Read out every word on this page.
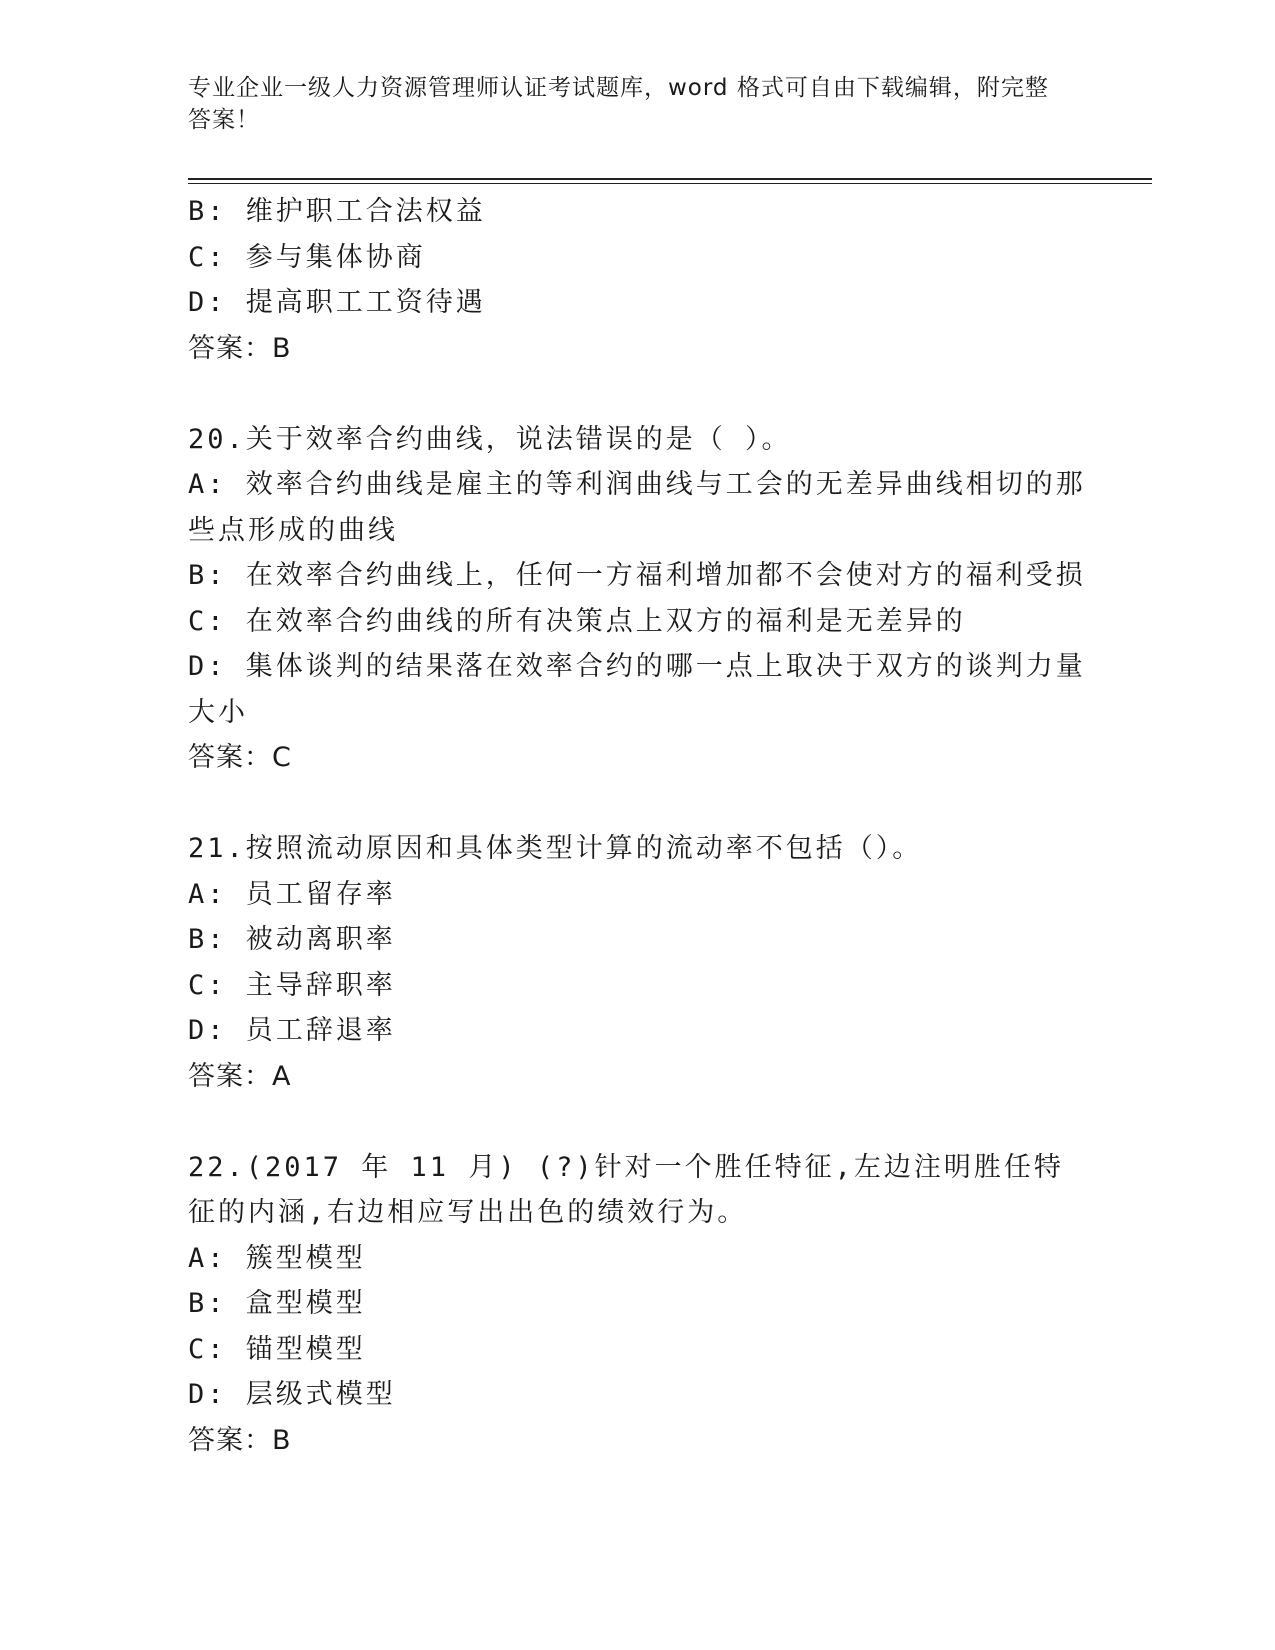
专业企业一级人力资源管理师认证考试题库，word 格式可自由下载编辑，附完整答案！
B: 维护职工合法权益
C: 参与集体协商
D: 提高职工工资待遇
答案：B
20.关于效率合约曲线，说法错误的是（ ）。
A: 效率合约曲线是雇主的等利润曲线与工会的无差异曲线相切的那些点形成的曲线
B: 在效率合约曲线上，任何一方福利增加都不会使对方的福利受损
C: 在效率合约曲线的所有决策点上双方的福利是无差异的
D: 集体谈判的结果落在效率合约的哪一点上取决于双方的谈判力量大小
答案：C
21.按照流动原因和具体类型计算的流动率不包括（）。
A: 员工留存率
B: 被动离职率
C: 主导辞职率
D: 员工辞退率
答案：A
22.(2017 年 11 月) (?)针对一个胜任特征,左边注明胜任特征的内涵,右边相应写出出色的绩效行为。
A: 簇型模型
B: 盒型模型
C: 锚型模型
D: 层级式模型
答案：B
